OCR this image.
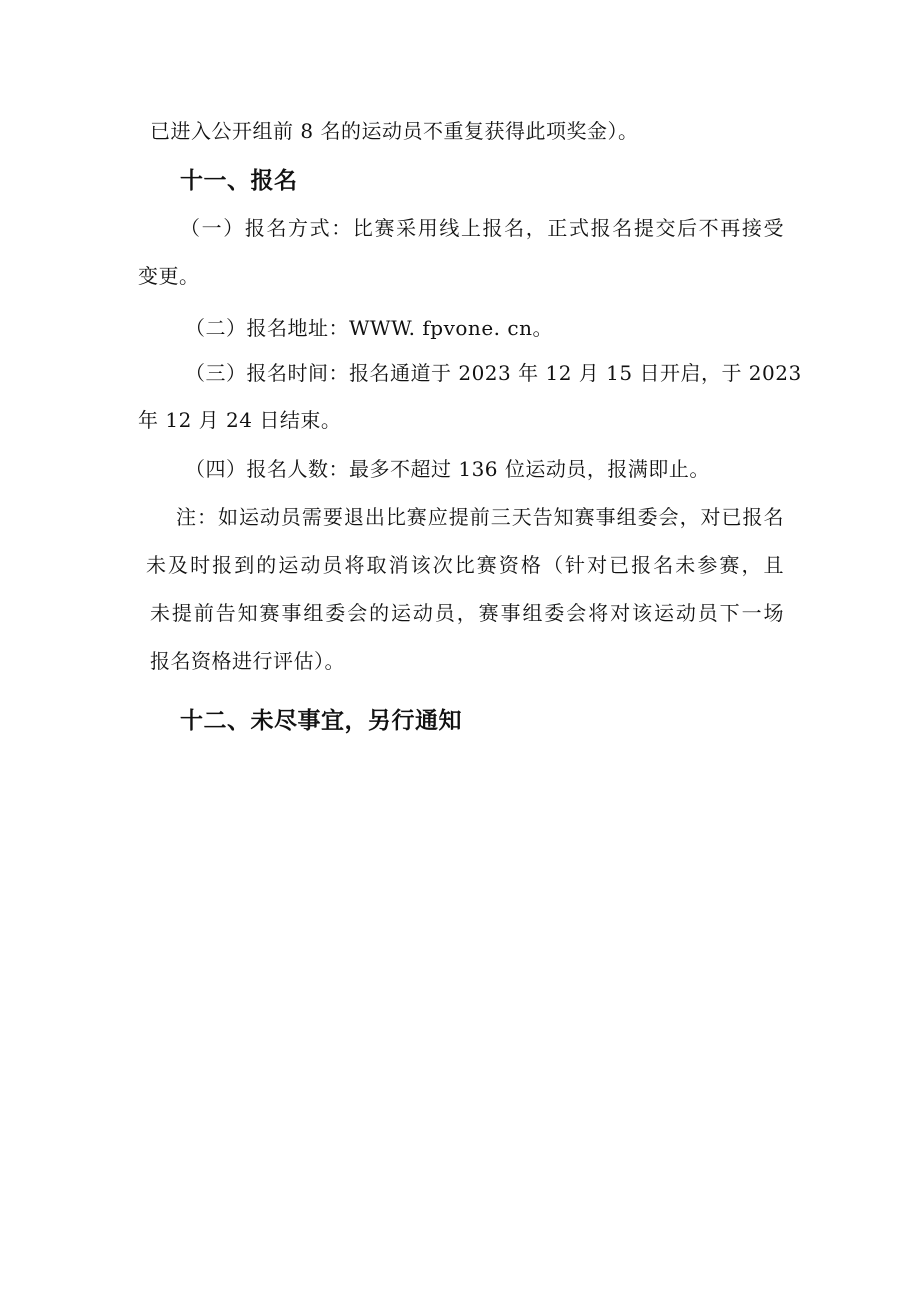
已进入公开组前 8 名的运动员不重复获得此项奖金）。
十一、报名
（一）报名方式：比赛采用线上报名，正式报名提交后不再接受
变更。
（二）报名地址：WWW. fpvone. cn。
（三）报名时间：报名通道于 2023 年 12 月 15 日开启，于 2023
年 12 月 24 日结束。
（四）报名人数：最多不超过 136 位运动员，报满即止。
注：如运动员需要退出比赛应提前三天告知赛事组委会，对已报名
未及时报到的运动员将取消该次比赛资格（针对已报名未参赛，且
未提前告知赛事组委会的运动员，赛事组委会将对该运动员下一场
报名资格进行评估）。
十二、未尽事宜，另行通知
